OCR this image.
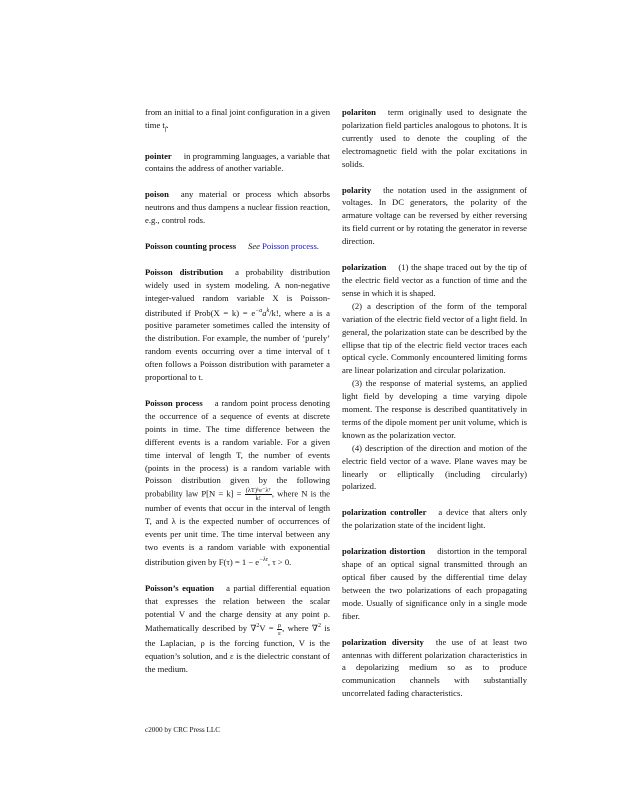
from an initial to a final joint configuration in a given time $t_f$.

pointer in programming languages, a variable that contains the address of another variable.

poison any material or process which absorbs neutrons and thus dampens a nuclear fission reaction, e.g., control rods.

Poisson counting process See Poisson process.

Poisson distribution a probability distribution widely used in system modeling. A non-negative integer-valued random variable X is Poisson-distributed if Prob(X = $k) = e^{-a}a^k/k$!, where a is a positive parameter sometimes called the intensity of the distribution. For example, the number of ‘purely’ random events occurring over a time interval of t often follows a Poisson distribution with parameter a proportional to t.

Poisson process a random point process denoting the occurrence of a sequence of events at discrete points in time. The time difference between the different events is a random variable. For a given time interval of length T, the number of events (points in the process) is a random variable with Poisson distribution given by the following probability law $P[N = k] = \frac{\text{(λT)ᵏe⁻λᵀ}}{k!}$ , where N is the number of events that occur in the interval of length T, and λ is the expected number of occurrences of events per unit time. The time interval between any two events is a random variable with exponential distribution given by $F(\tau) = 1 - e^{-\lambda\tau}$, τ > 0.

Poisson’s equation a partial differential equation that expresses the relation between the scalar potential V and the charge density at any point ρ. Mathematically described by $\nabla^2V = \frac{\rho}{\varepsilon}$ , where ∇$^2$ is the Laplacian, ρ is the forcing function, V is the equation’s solution, and ε is the dielectric constant of the medium.

polariton term originally used to designate the polarization field particles analogous to photons. It is currently used to denote the coupling of the electromagnetic field with the polar excitations in solids.

polarity the notation used in the assignment of voltages. In DC generators, the polarity of the armature voltage can be reversed by either reversing its field current or by rotating the generator in reverse direction.

polarization (1) the shape traced out by the tip of the electric field vector as a function of time and the sense in which it is shaped.

(2) a description of the form of the temporal variation of the electric field vector of a light field. In general, the polarization state can be described by the ellipse that tip of the electric field vector traces each optical cycle. Commonly encountered limiting forms are linear polarization and circular polarization.

(3) the response of material systems, an applied light field by developing a time varying dipole moment. The response is described quantitatively in terms of the dipole moment per unit volume, which is known as the polarization vector.

(4) description of the direction and motion of the electric field vector of a wave. Plane waves may be linearly or elliptically (including circularly) polarized.

polarization controller a device that alters only the polarization state of the incident light.

polarization distortion distortion in the temporal shape of an optical signal transmitted through an optical fiber caused by the differential time delay between the two polarizations of each propagating mode. Usually of significance only in a single mode fiber.

polarization diversity the use of at least two antennas with different polarization characteristics in a depolarizing medium so as to produce communication channels with substantially uncorrelated fading characteristics.

c2000 by CRC Press LLC
